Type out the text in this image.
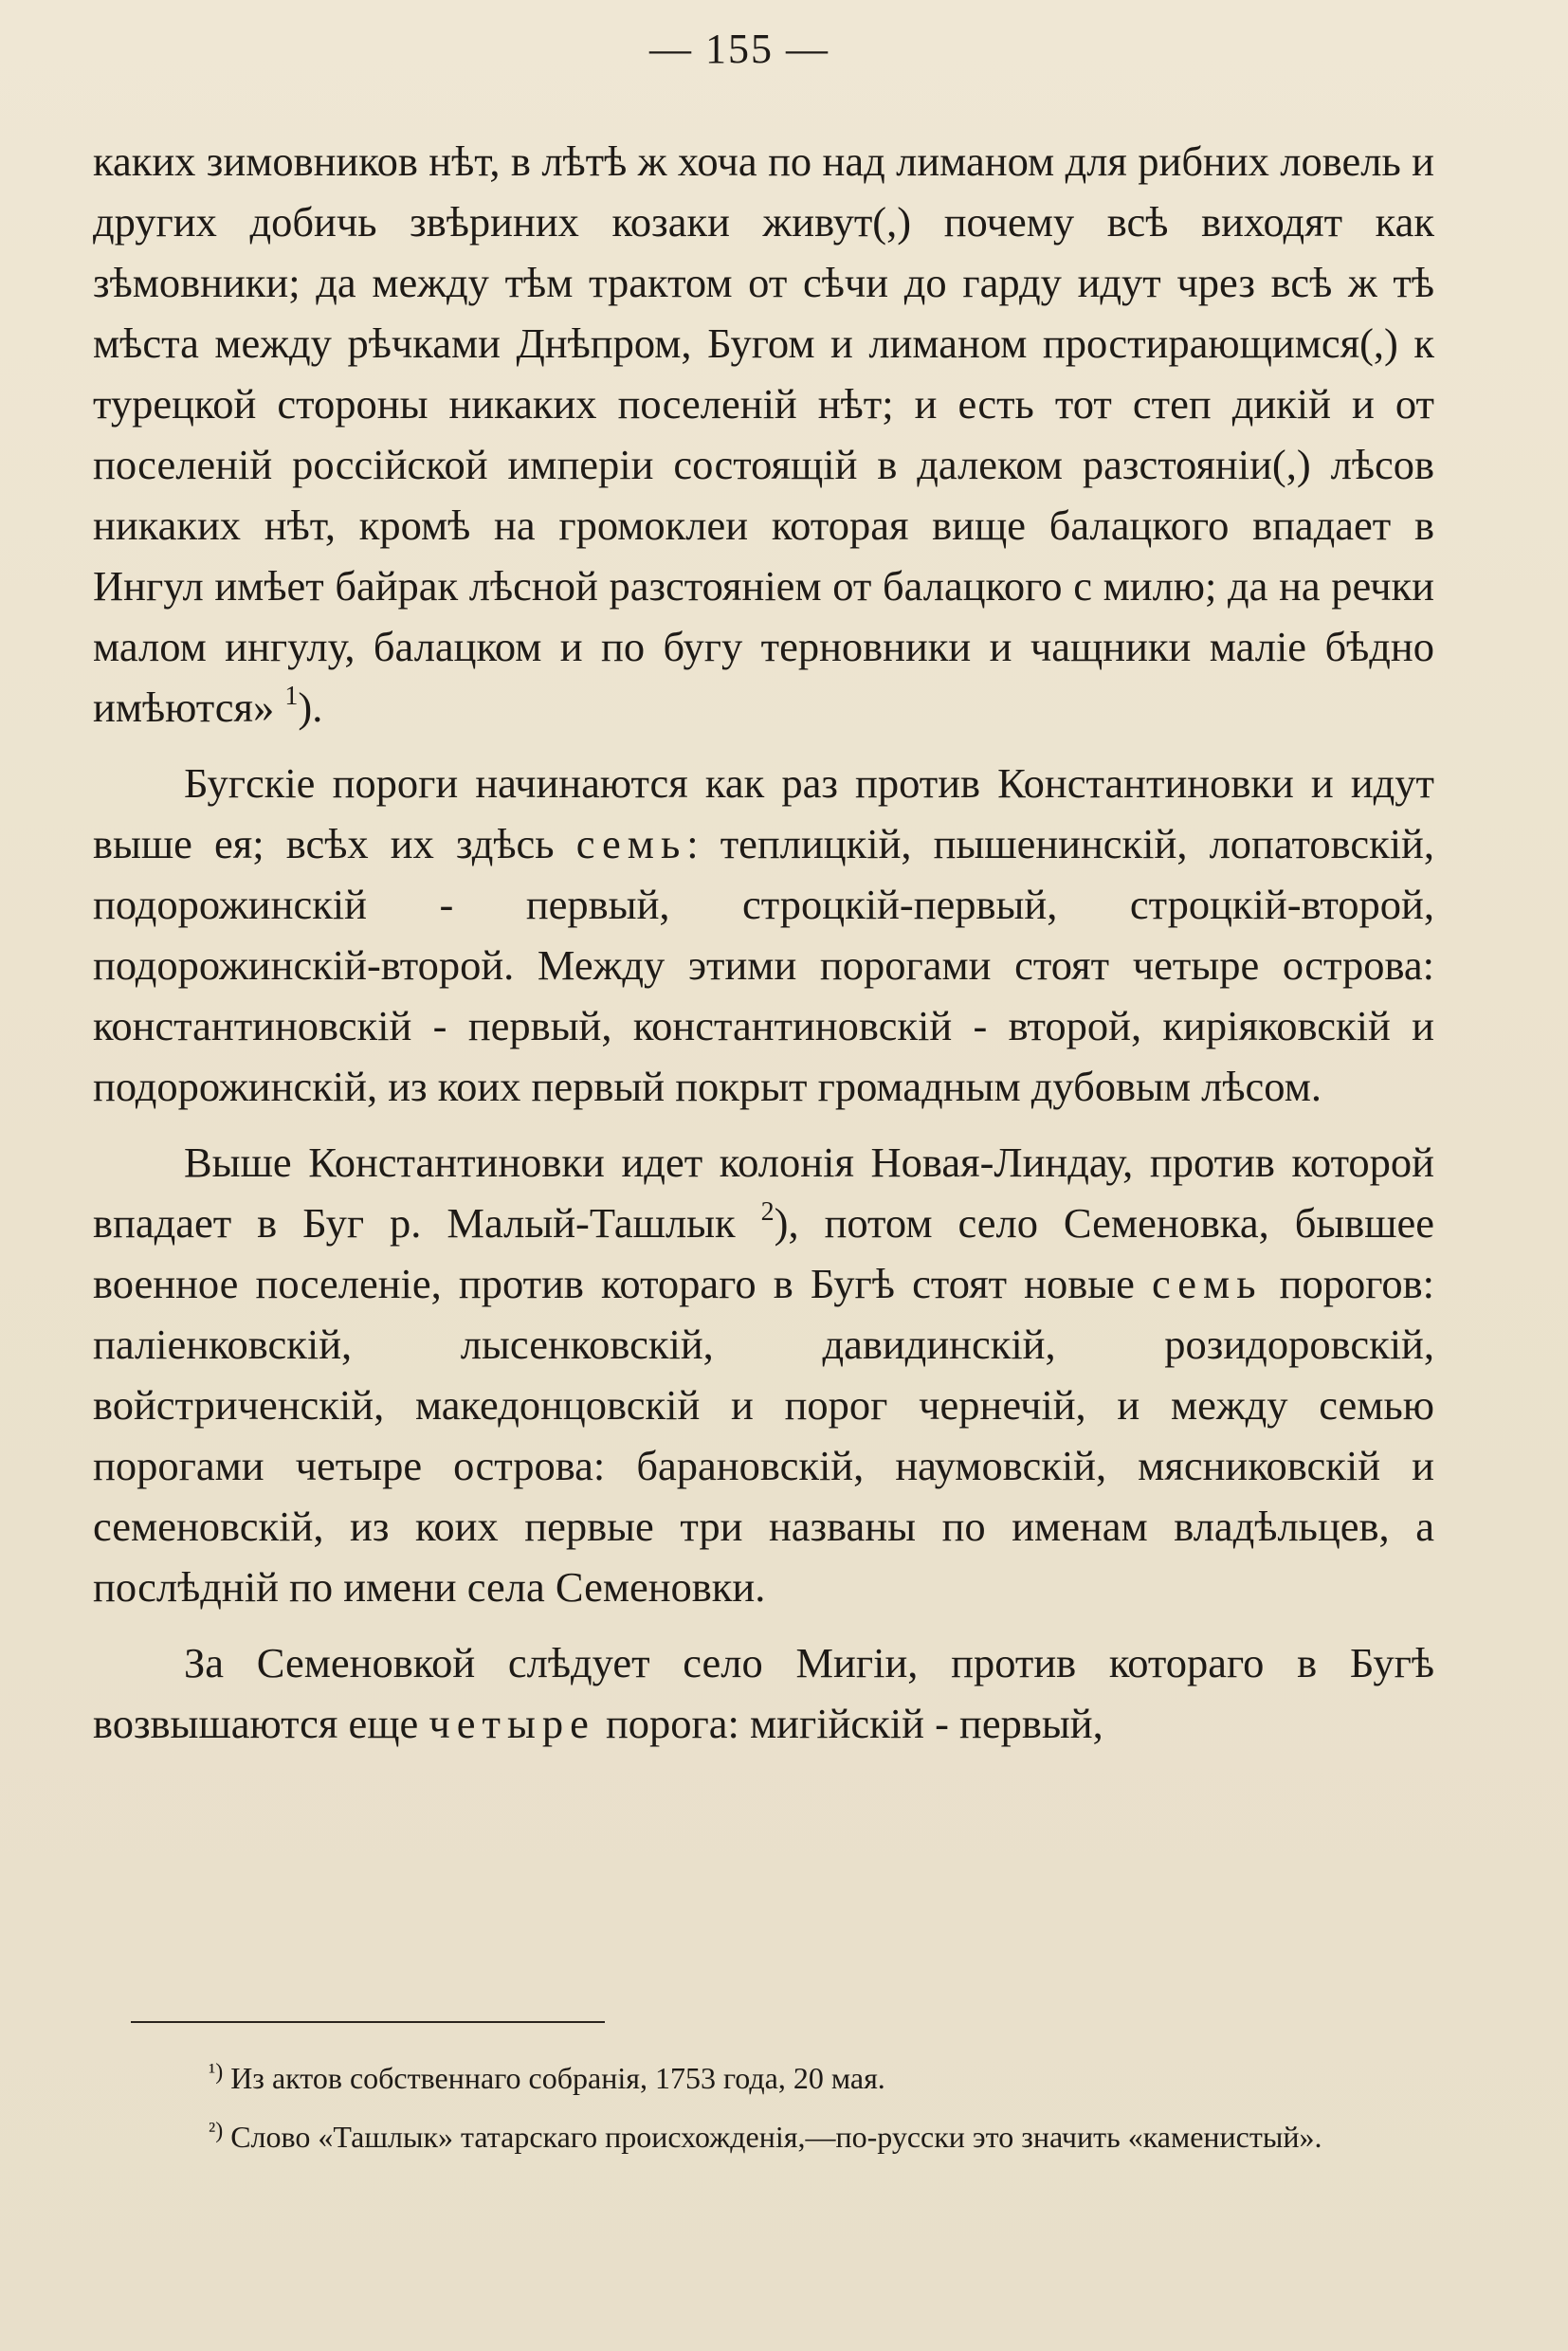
— 155 —

каких зимовников нѣт, в лѣтѣ ж хоча по над лиманом для рибних ловель и других добичь звѣриних козаки живут(,) почему всѣ виходят как зѣмовники; да между тѣм трактом от сѣчи до гарду идут чрез всѣ ж тѣ мѣста между рѣчками Днѣпром, Бугом и лиманом простирающимся(,) к турецкой стороны никаких поселенiй нѣт; и есть тот степ дикiй и от поселенiй россiйской имперiи состоящiй в далеком разстоянiи(,) лѣсов никаких нѣт, кромѣ на громоклеи которая вище балацкого впадает в Ингул имѣет байрак лѣсной разстоянiем от балацкого с милю; да на речки малом ингулу, балацком и по бугу терновники и чащники малiе бѣдно имѣются» $^1$).

Бугскiе пороги начинаются как раз против Константиновки и идут выше ея; всѣх их здѣсь семь: теплицкiй, пышенинскiй, лопатовскiй, подорожинскiй - первый, строцкiй-первый, строцкiй-второй, подорожинскiй-второй. Между этими порогами стоят четыре острова: константиновскiй - первый, константиновскiй - второй, кирiяковскiй и подорожинскiй, из коих первый покрыт громадным дубовым лѣсом.

Выше Константиновки идет колонiя Новая-Линдау, против которой впадает в Буг р. Малый-Ташлык $^2$), потом село Семеновка, бывшее военное поселенiе, против котораго в Бугѣ стоят новые семь порогов: палiенковскiй, лысенковскiй, давидинскiй, розидоровскiй, войстриченскiй, македонцовскiй и порог чернечiй, и между семью порогами четыре острова: барановскiй, наумовскiй, мясниковскiй и семеновскiй, из коих первые три названы по именам владѣльцев, а послѣднiй по имени села Семеновки.

За Семеновкой слѣдует село Мигiи, против котораго в Бугѣ возвышаются еще четыре порога: мигiйскiй - первый,

$^{^1)}$ Из актов собственнаго собранiя, 1753 года, 20 мая.

$^{^2)}$ Слово «Ташлык» татарскаго происхожденiя,—по-русски это значить «каменистый».
